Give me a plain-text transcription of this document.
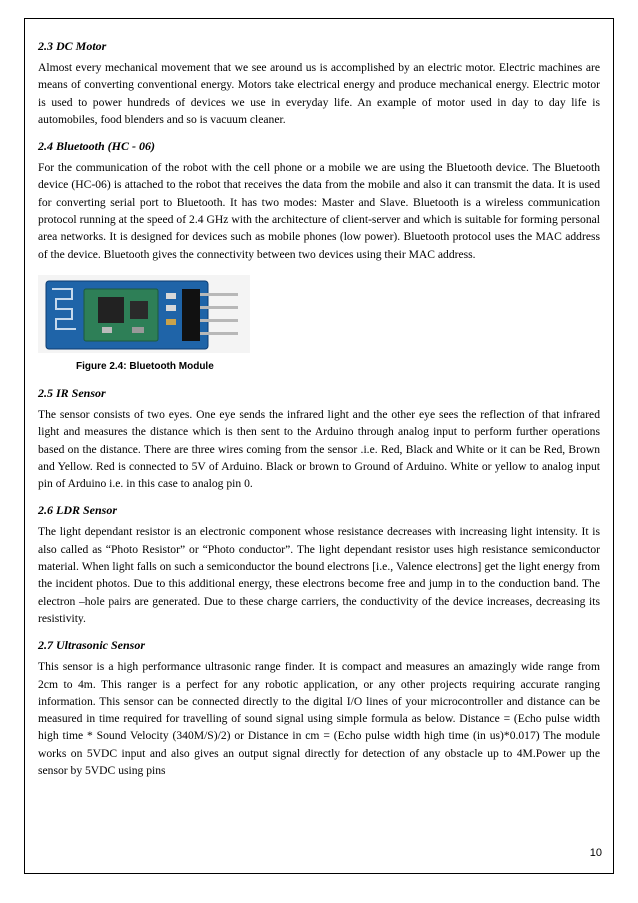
2.3 DC Motor

Almost every mechanical movement that we see around us is accomplished by an electric motor. Electric machines are means of converting conventional energy. Motors take electrical energy and produce mechanical energy. Electric motor is used to power hundreds of devices we use in everyday life. An example of motor used in day to day life is automobiles, food blenders and so is vacuum cleaner.

2.4 Bluetooth (HC - 06)

For the communication of the robot with the cell phone or a mobile we are using the Bluetooth device. The Bluetooth device (HC-06) is attached to the robot that receives the data from the mobile and also it can transmit the data. It is used for converting serial port to Bluetooth. It has two modes: Master and Slave. Bluetooth is a wireless communication protocol running at the speed of 2.4 GHz with the architecture of client-server and which is suitable for forming personal area networks. It is designed for devices such as mobile phones (low power). Bluetooth protocol uses the MAC address of the device. Bluetooth gives the connectivity between two devices using their MAC address.

Figure 2.4: Bluetooth Module
2.5 IR Sensor

The sensor consists of two eyes. One eye sends the infrared light and the other eye sees the reflection of that infrared light and measures the distance which is then sent to the Arduino through analog input to perform further operations based on the distance. There are three wires coming from the sensor .i.e. Red, Black and White or it can be Red, Brown and Yellow. Red is connected to 5V of Arduino. Black or brown to Ground of Arduino. White or yellow to analog input pin of Arduino i.e. in this case to analog pin 0.

2.6 LDR Sensor

The light dependant resistor is an electronic component whose resistance decreases with increasing light intensity. It is also called as “Photo Resistor” or “Photo conductor”. The light dependant resistor uses high resistance semiconductor material. When light falls on such a semiconductor the bound electrons [i.e., Valence electrons] get the light energy from the incident photos. Due to this additional energy, these electrons become free and jump in to the conduction band. The electron –hole pairs are generated. Due to these charge carriers, the conductivity of the device increases, decreasing its resistivity.

2.7 Ultrasonic Sensor

This sensor is a high performance ultrasonic range finder. It is compact and measures an amazingly wide range from 2cm to 4m. This ranger is a perfect for any robotic application, or any other projects requiring accurate ranging information. This sensor can be connected directly to the digital I/O lines of your microcontroller and distance can be measured in time required for travelling of sound signal using simple formula as below. Distance = (Echo pulse width high time * Sound Velocity (340M/S)/2) or Distance in cm = (Echo pulse width high time (in us)*0.017) The module works on 5VDC input and also gives an output signal directly for detection of any obstacle up to 4M.Power up the sensor by 5VDC using pins

10
